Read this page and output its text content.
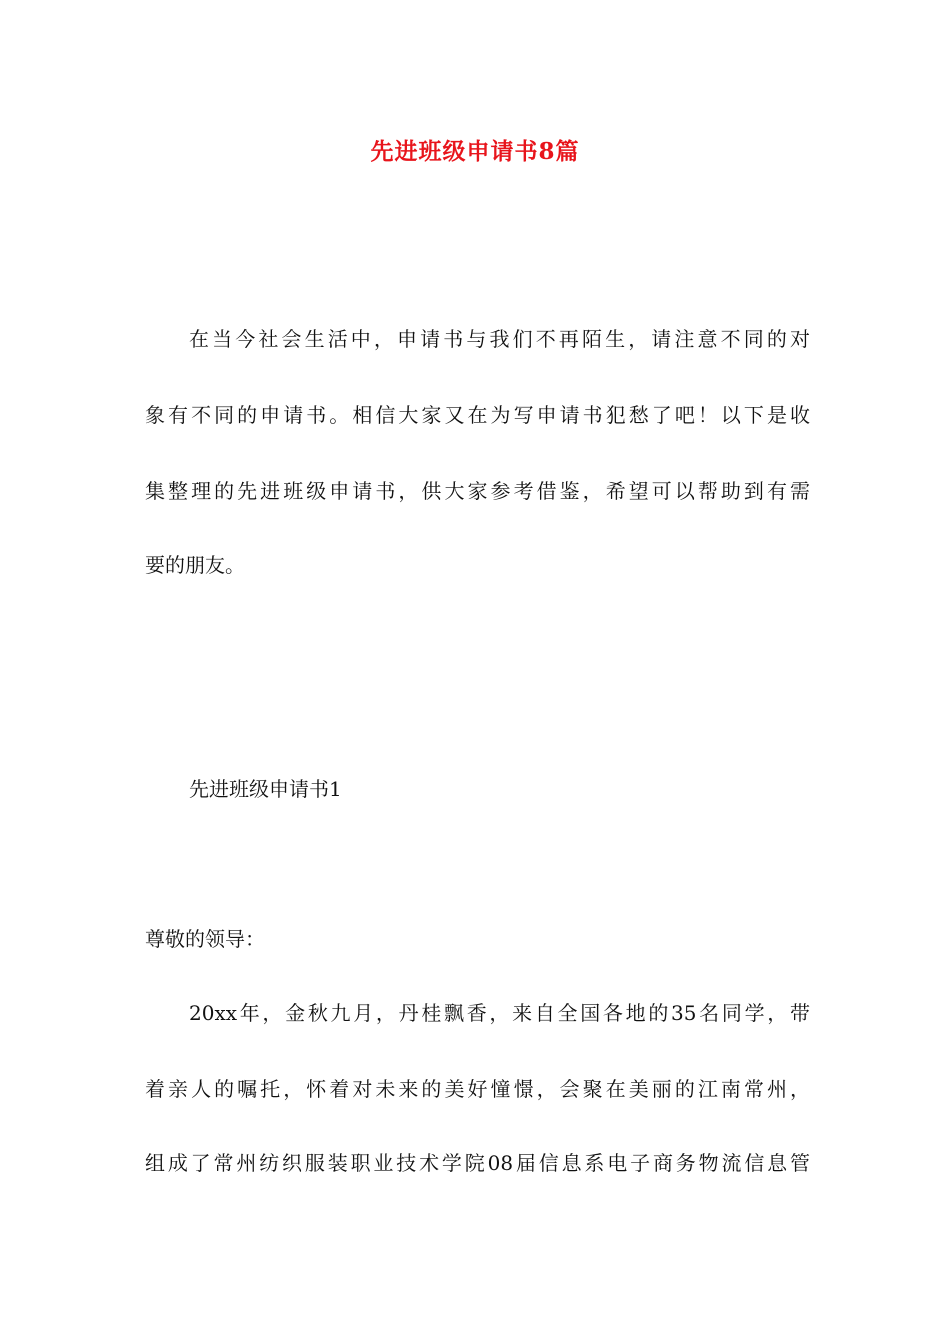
先进班级申请书8篇

在当今社会生活中，申请书与我们不再陌生，请注意不同的对

象有不同的申请书。相信大家又在为写申请书犯愁了吧！以下是收

集整理的先进班级申请书，供大家参考借鉴，希望可以帮助到有需

要的朋友。

先进班级申请书1

尊敬的领导：

20xx年，金秋九月，丹桂飘香，来自全国各地的35名同学，带

着亲人的嘱托，怀着对未来的美好憧憬，会聚在美丽的江南常州，

组成了常州纺织服装职业技术学院08届信息系电子商务物流信息管
